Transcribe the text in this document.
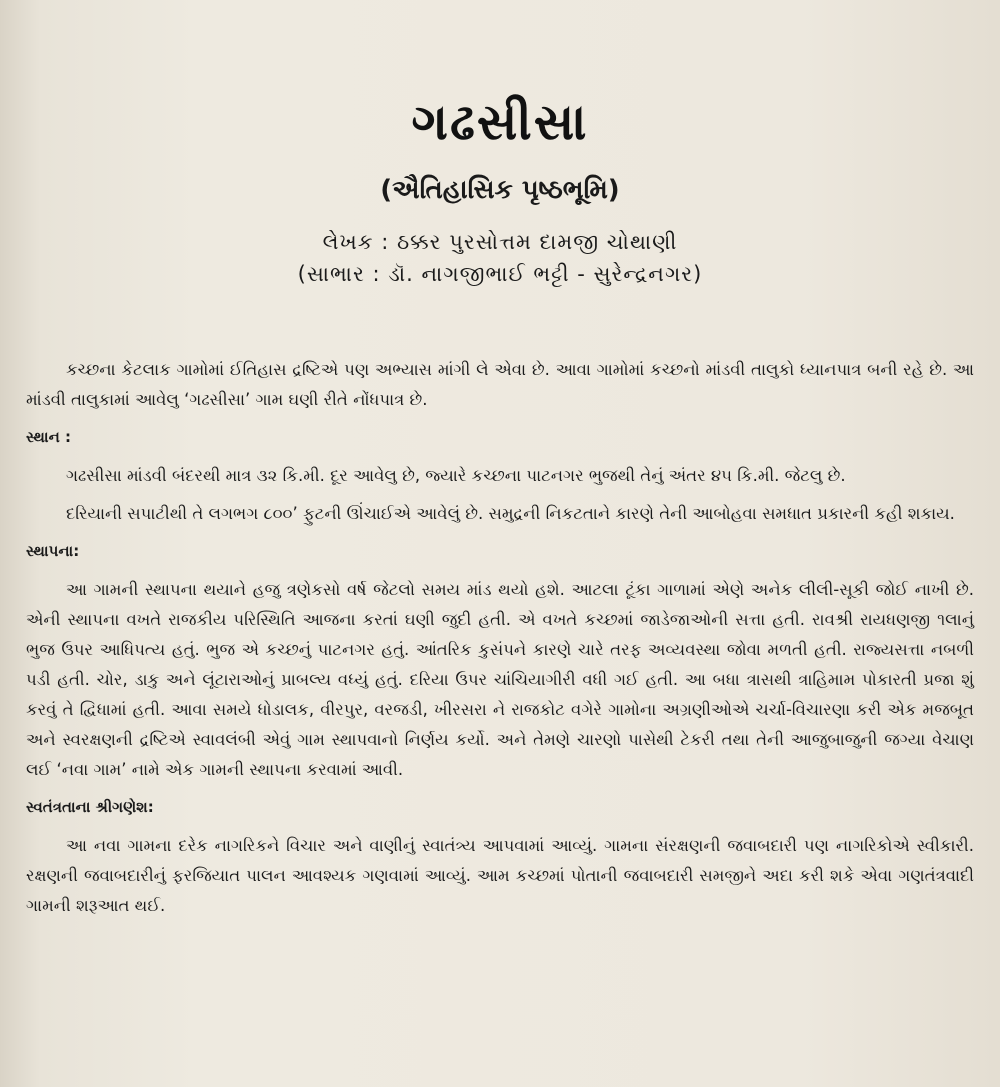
ગઢસીસા
(ઐતિહાસિક પૃષ્ઠભૂમિ)
લેખક : ઠક્કર પુરસોત્તમ દામજી ચોથાણી
(સાભાર : ડૉ. નાગજીભાઈ ભટ્ટી - સુરેન્દ્રનગર)

કચ્છના કેટલાક ગામોમાં ઈતિહાસ દ્રષ્ટિએ પણ અભ્યાસ માંગી લે એવા છે. આવા ગામોમાં કચ્છનો માંડવી તાલુકો ધ્યાનપાત્ર બની રહે છે. આ માંડવી તાલુકામાં આવેલુ ‘ગઢસીસા’ ગામ ઘણી રીતે નોંધપાત્ર છે.

સ્થાન :

ગઢસીસા માંડવી બંદરથી માત્ર ૩૨ કિ.મી. દૂર આવેલુ છે, જ્યારે કચ્છના પાટનગર ભુજથી તેનું અંતર ૪૫ કિ.મી. જેટલુ છે.

દરિયાની સપાટીથી તે લગભગ ૮૦૦’ ફુટની ઊંચાઈએ આવેલું છે. સમુદ્રની નિકટતાને કારણે તેની આબોહવા સમધાત પ્રકારની કહી શકાય.

સ્થાપના:

આ ગામની સ્થાપના થયાને હજુ ત્રણેકસો વર્ષ જેટલો સમય માંડ થયો હશે. આટલા ટૂંકા ગાળામાં એણે અનેક લીલી-સૂકી જોઈ નાખી છે. એની સ્થાપના વખતે રાજકીય પરિસ્થિતિ આજના કરતાં ઘણી જુદી હતી. એ વખતે કચ્છમાં જાડેજાઓની સત્તા હતી. રાવશ્રી રાયધણજી ૧લાનું ભુજ ઉપર આધિપત્ય હતું. ભુજ એ કચ્છનું પાટનગર હતું. આંતરિક કુસંપને કારણે ચારે તરફ અવ્યવસ્થા જોવા મળતી હતી. રાજ્યસત્તા નબળી પડી હતી. ચોર, ડાકુ અને લૂંટારાઓનું પ્રાબલ્ય વધ્યું હતું. દરિયા ઉપર ચાંચિયાગીરી વધી ગઈ હતી. આ બધા ત્રાસથી ત્રાહિમામ પોકારતી પ્રજા શું કરવું તે દ્વિધામાં હતી. આવા સમયે ધોડાલક, વીરપુર, વરજડી, ખીરસરા ને રાજકોટ વગેરે ગામોના અગ્રણીઓએ ચર્ચા-વિચારણા કરી એક મજબૂત અને સ્વરક્ષણની દ્રષ્ટિએ સ્વાવલંબી એવું ગામ સ્થાપવાનો નિર્ણય કર્યો. અને તેમણે ચારણો પાસેથી ટેકરી તથા તેની આજુબાજુની જગ્યા વેચાણ લઈ ‘નવા ગામ’ નામે એક ગામની સ્થાપના કરવામાં આવી.

સ્વતંત્રતાના શ્રીગણેશ:

આ નવા ગામના દરેક નાગરિકને વિચાર અને વાણીનું સ્વાતંત્ર્ય આપવામાં આવ્યું. ગામના સંરક્ષણની જવાબદારી પણ નાગરિકોએ સ્વીકારી. રક્ષણની જવાબદારીનું ફરજિયાત પાલન આવશ્યક ગણવામાં આવ્યું. આમ કચ્છમાં પોતાની જવાબદારી સમજીને અદા કરી શકે એવા ગણતંત્રવાદી ગામની શરૂઆત થઈ.
